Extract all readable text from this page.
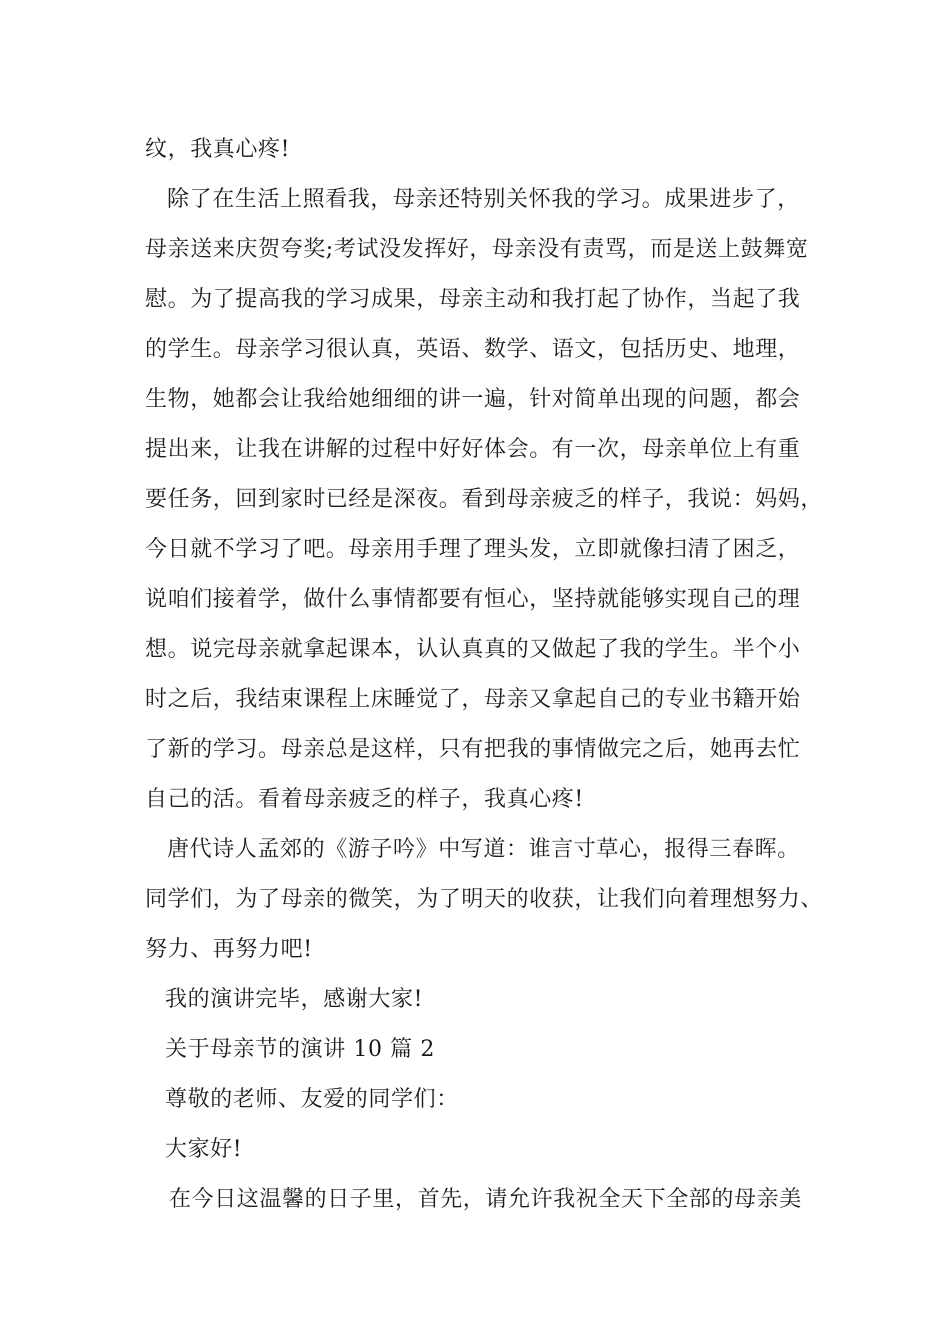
纹，我真心疼!
除了在生活上照看我，母亲还特别关怀我的学习。成果进步了，
母亲送来庆贺夸奖;考试没发挥好，母亲没有责骂，而是送上鼓舞宽
慰。为了提高我的学习成果，母亲主动和我打起了协作，当起了我
的学生。母亲学习很认真，英语、数学、语文，包括历史、地理，
生物，她都会让我给她细细的讲一遍，针对简单出现的问题，都会
提出来，让我在讲解的过程中好好体会。有一次，母亲单位上有重
要任务，回到家时已经是深夜。看到母亲疲乏的样子，我说：妈妈，
今日就不学习了吧。母亲用手理了理头发，立即就像扫清了困乏，
说咱们接着学，做什么事情都要有恒心，坚持就能够实现自己的理
想。说完母亲就拿起课本，认认真真的又做起了我的学生。半个小
时之后，我结束课程上床睡觉了，母亲又拿起自己的专业书籍开始
了新的学习。母亲总是这样，只有把我的事情做完之后，她再去忙
自己的活。看着母亲疲乏的样子，我真心疼!
唐代诗人孟郊的《游子吟》中写道：谁言寸草心，报得三春晖。
同学们，为了母亲的微笑，为了明天的收获，让我们向着理想努力、
努力、再努力吧!
我的演讲完毕，感谢大家!
关于母亲节的演讲 10 篇 2
尊敬的老师、友爱的同学们：
大家好!
在今日这温馨的日子里，首先，请允许我祝全天下全部的母亲美
